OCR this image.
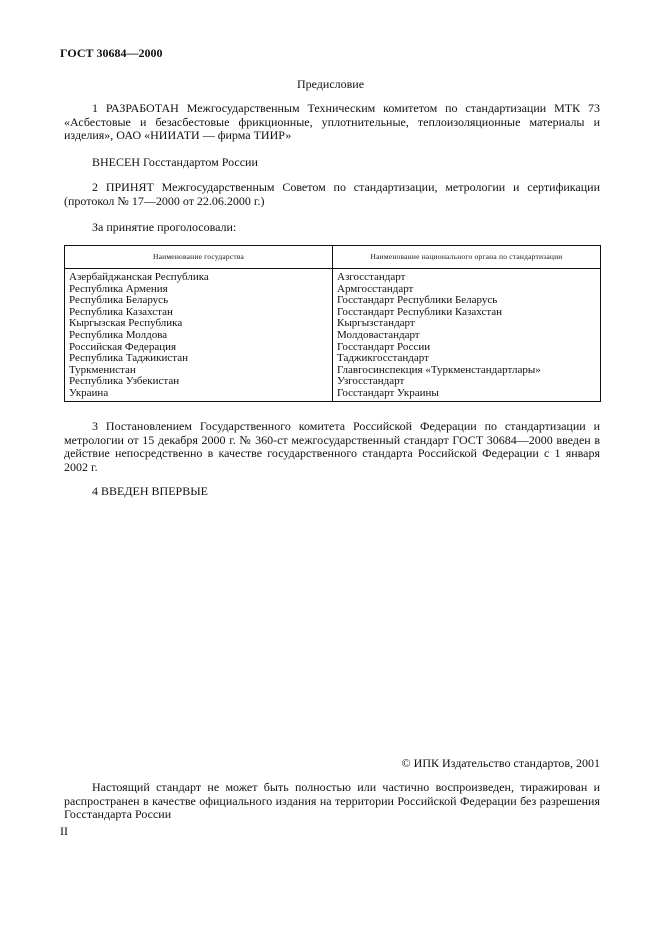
ГОСТ 30684—2000
Предисловие
1 РАЗРАБОТАН Межгосударственным Техническим комитетом по стандартизации МТК 73 «Асбестовые и безасбестовые фрикционные, уплотнительные, теплоизоляционные материалы и изделия», ОАО «НИИАТИ — фирма ТИИР»
ВНЕСЕН Госстандартом России
2 ПРИНЯТ Межгосударственным Советом по стандартизации, метрологии и сертификации (протокол № 17—2000 от 22.06.2000 г.)
За принятие проголосовали:
Наименование государства	Наименование национального органа по стандартизации
Азербайджанская Республика	Азгосстандарт
Республика Армения	Армгосстандарт
Республика Беларусь	Госстандарт Республики Беларусь
Республика Казахстан	Госстандарт Республики Казахстан
Кыргызская Республика	Кыргызстандарт
Республика Молдова	Молдовастандарт
Российская Федерация	Госстандарт России
Республика Таджикистан	Таджикгосстандарт
Туркменистан	Главгосинспекция «Туркменстандартлары»
Республика Узбекистан	Узгосстандарт
Украина	Госстандарт Украины
3 Постановлением Государственного комитета Российской Федерации по стандартизации и метрологии от 15 декабря 2000 г. № 360-ст межгосударственный стандарт ГОСТ 30684—2000 введен в действие непосредственно в качестве государственного стандарта Российской Федерации с 1 января 2002 г.
4 ВВЕДЕН ВПЕРВЫЕ
© ИПК Издательство стандартов, 2001
Настоящий стандарт не может быть полностью или частично воспроизведен, тиражирован и распространен в качестве официального издания на территории Российской Федерации без разрешения Госстандарта России
II
